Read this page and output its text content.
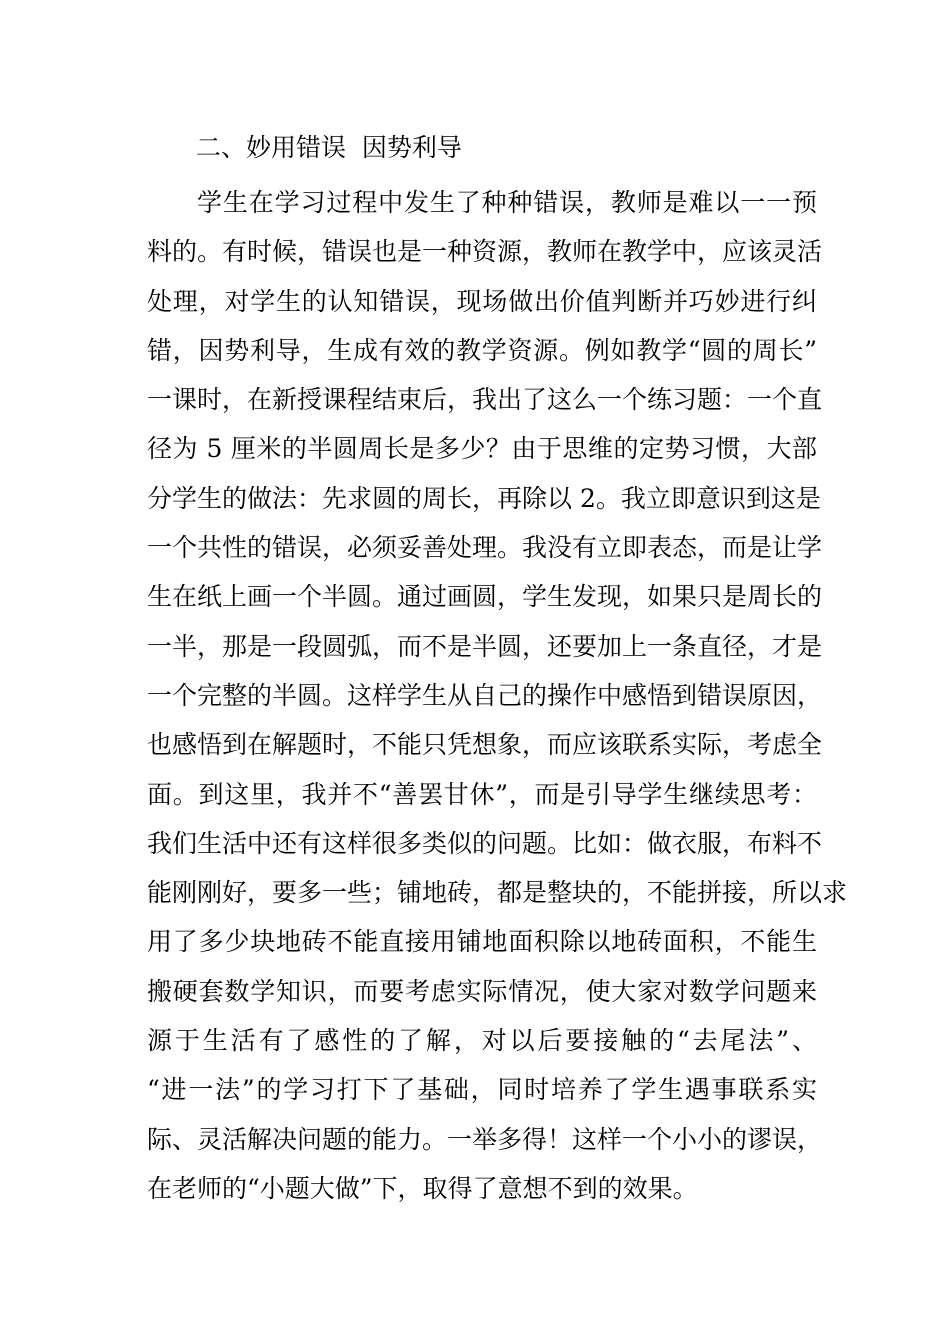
二、妙用错误  因势利导
学生在学习过程中发生了种种错误，教师是难以一一预
料的。有时候，错误也是一种资源，教师在教学中，应该灵活
处理，对学生的认知错误，现场做出价值判断并巧妙进行纠
错，因势利导，生成有效的教学资源。例如教学“圆的周长”
一课时，在新授课程结束后，我出了这么一个练习题：一个直
径为 5 厘米的半圆周长是多少？由于思维的定势习惯，大部
分学生的做法：先求圆的周长，再除以 2。我立即意识到这是
一个共性的错误，必须妥善处理。我没有立即表态，而是让学
生在纸上画一个半圆。通过画圆，学生发现，如果只是周长的
一半，那是一段圆弧，而不是半圆，还要加上一条直径，才是
一个完整的半圆。这样学生从自己的操作中感悟到错误原因，
也感悟到在解题时，不能只凭想象，而应该联系实际，考虑全
面。到这里，我并不“善罢甘休”，而是引导学生继续思考：
我们生活中还有这样很多类似的问题。比如：做衣服，布料不
能刚刚好，要多一些；铺地砖，都是整块的，不能拼接，所以求
用了多少块地砖不能直接用铺地面积除以地砖面积，不能生
搬硬套数学知识，而要考虑实际情况，使大家对数学问题来
源于生活有了感性的了解，对以后要接触的“去尾法”、
“进一法”的学习打下了基础，同时培养了学生遇事联系实
际、灵活解决问题的能力。一举多得！这样一个小小的谬误，
在老师的“小题大做”下，取得了意想不到的效果。
